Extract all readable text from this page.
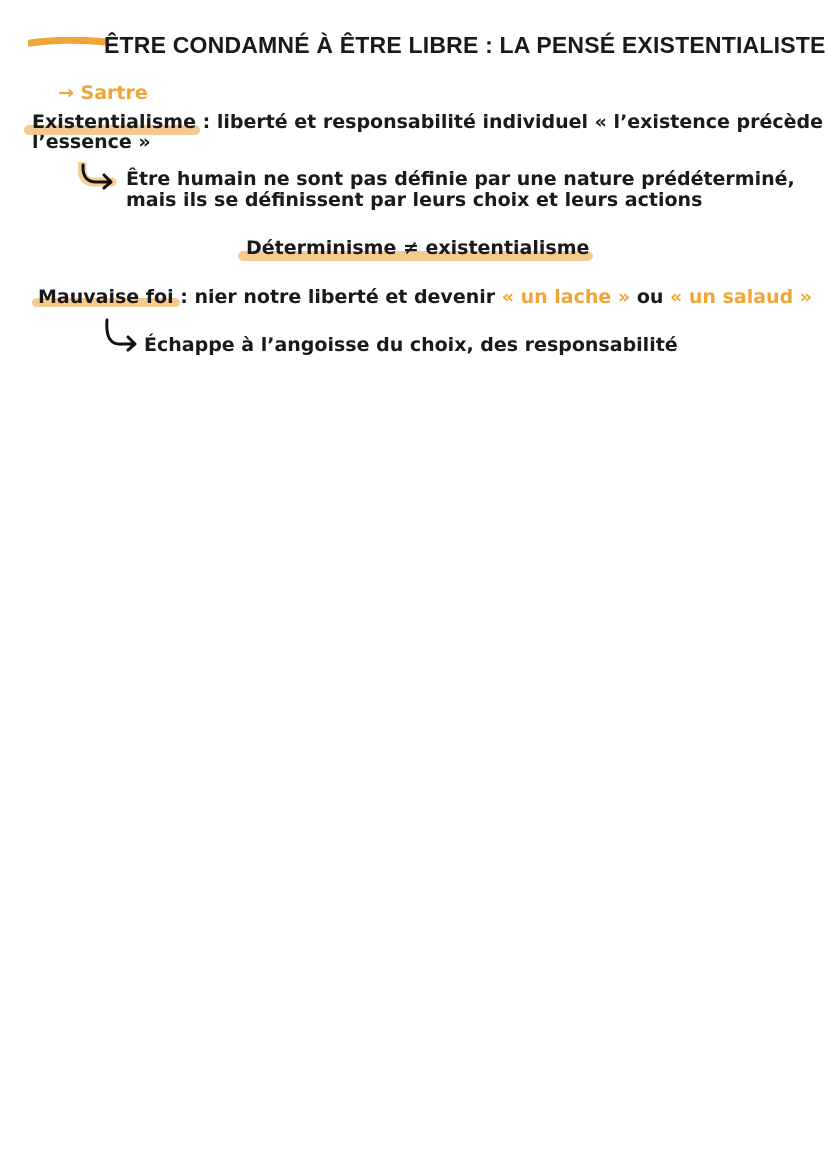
ÊTRE CONDAMNÉ À ÊTRE LIBRE : LA PENSÉ EXISTENTIALISTE
→ Sartre
Existentialisme : liberté et responsabilité individuel « l’existence précède
l’essence »
Être humain ne sont pas définie par une nature prédéterminé,
mais ils se définissent par leurs choix et leurs actions
Déterminisme ≠ existentialisme
Mauvaise foi : nier notre liberté et devenir « un lache » ou « un salaud »
Échappe à l’angoisse du choix, des responsabilité
